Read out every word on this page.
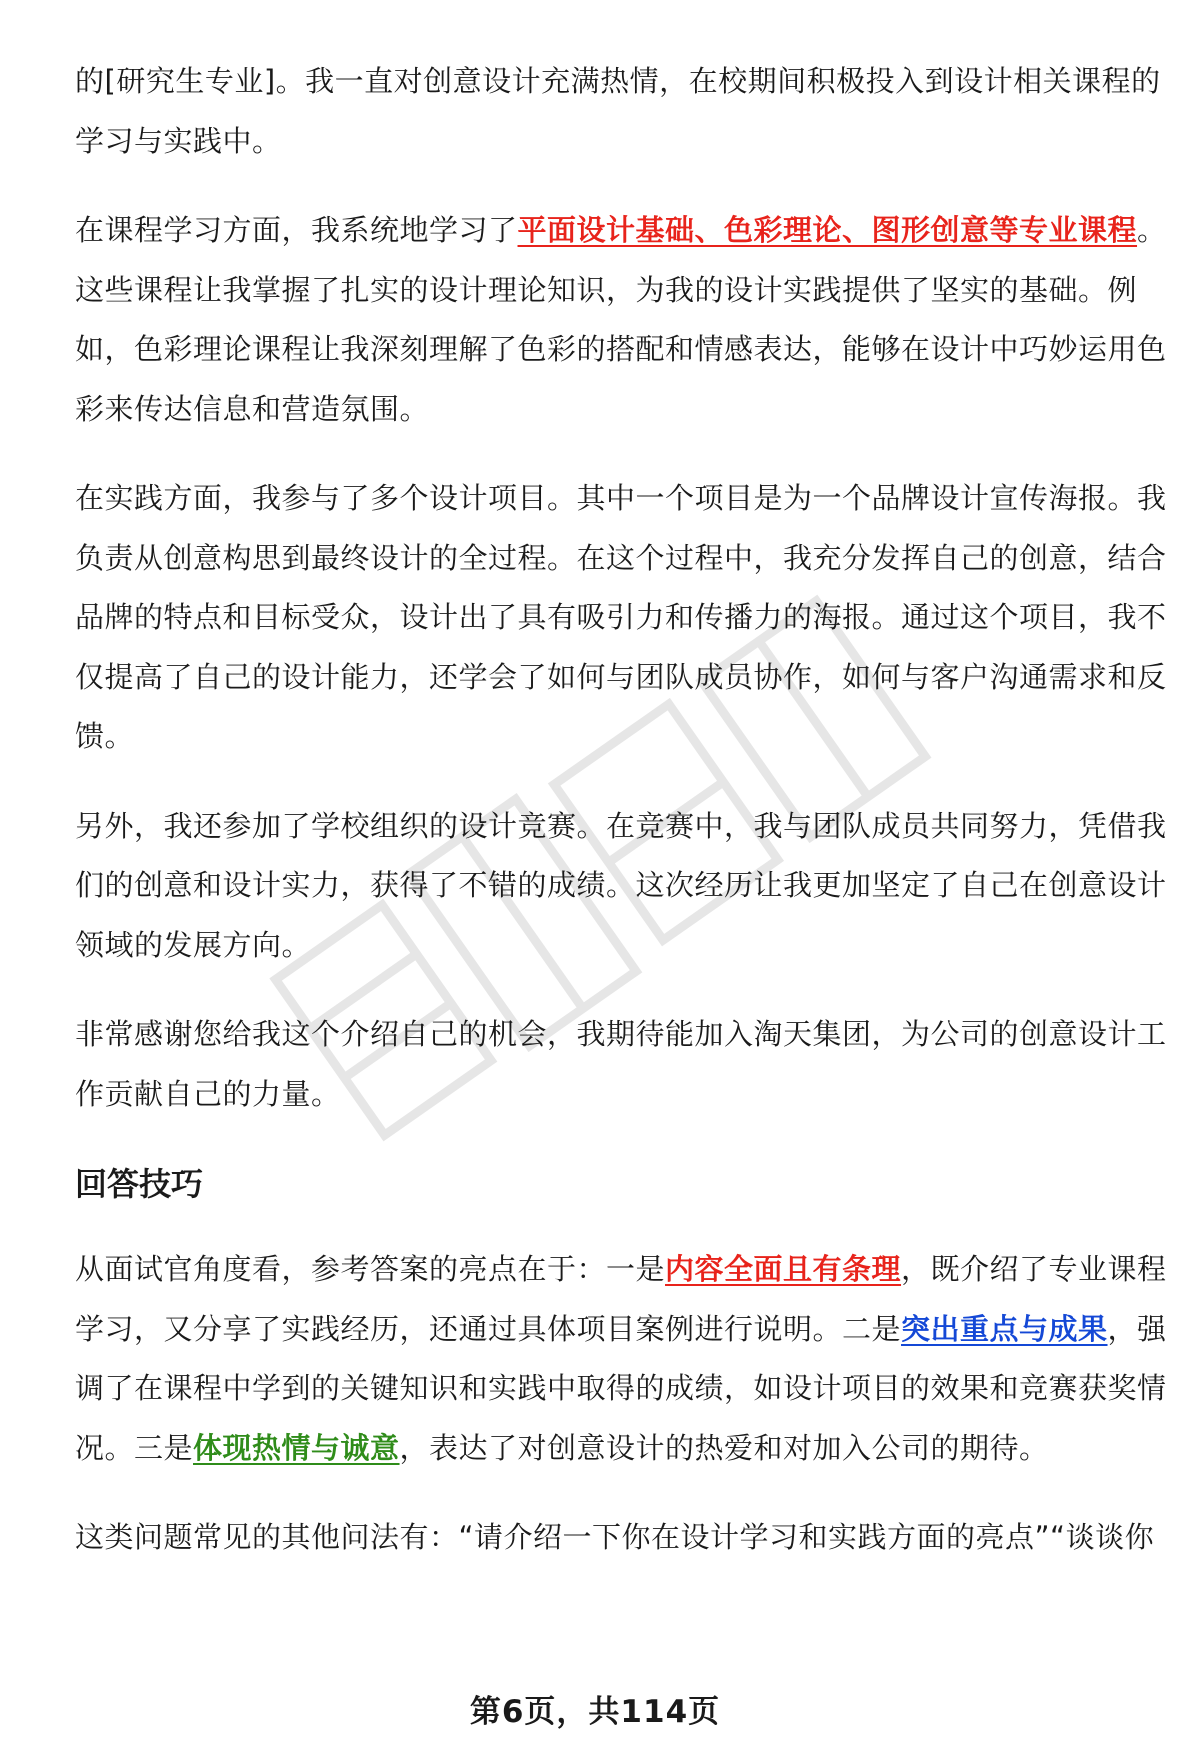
的[研究生专业]。我一直对创意设计充满热情，在校期间积极投入到设计相关课程的学习与实践中。

在课程学习方面，我系统地学习了平面设计基础、色彩理论、图形创意等专业课程。这些课程让我掌握了扎实的设计理论知识，为我的设计实践提供了坚实的基础。例如，色彩理论课程让我深刻理解了色彩的搭配和情感表达，能够在设计中巧妙运用色彩来传达信息和营造氛围。

在实践方面，我参与了多个设计项目。其中一个项目是为一个品牌设计宣传海报。我负责从创意构思到最终设计的全过程。在这个过程中，我充分发挥自己的创意，结合品牌的特点和目标受众，设计出了具有吸引力和传播力的海报。通过这个项目，我不仅提高了自己的设计能力，还学会了如何与团队成员协作，如何与客户沟通需求和反馈。

另外，我还参加了学校组织的设计竞赛。在竞赛中，我与团队成员共同努力，凭借我们的创意和设计实力，获得了不错的成绩。这次经历让我更加坚定了自己在创意设计领域的发展方向。

非常感谢您给我这个介绍自己的机会，我期待能加入淘天集团，为公司的创意设计工作贡献自己的力量。

回答技巧

从面试官角度看，参考答案的亮点在于：一是内容全面且有条理，既介绍了专业课程学习，又分享了实践经历，还通过具体项目案例进行说明。二是突出重点与成果，强调了在课程中学到的关键知识和实践中取得的成绩，如设计项目的效果和竞赛获奖情况。三是体现热情与诚意，表达了对创意设计的热爱和对加入公司的期待。

这类问题常见的其他问法有：“请介绍一下你在设计学习和实践方面的亮点”“谈谈你

第6页，共114页
